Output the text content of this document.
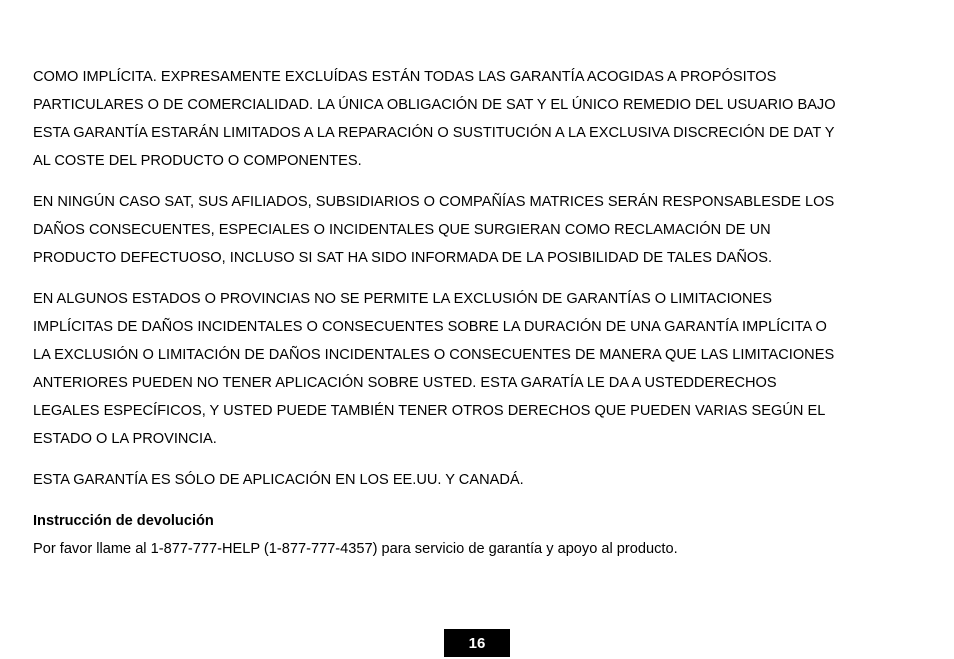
COMO IMPLÍCITA. EXPRESAMENTE EXCLUÍDAS ESTÁN TODAS LAS GARANTÍA ACOGIDAS A PROPÓSITOS
PARTICULARES O DE COMERCIALIDAD. LA ÚNICA OBLIGACIÓN DE SAT Y EL ÚNICO REMEDIO DEL USUARIO BAJO
ESTA GARANTÍA ESTARÁN LIMITADOS A LA REPARACIÓN O SUSTITUCIÓN A LA EXCLUSIVA DISCRECIÓN DE DAT Y
AL COSTE DEL PRODUCTO O COMPONENTES.
EN NINGÚN CASO SAT, SUS AFILIADOS, SUBSIDIARIOS O COMPAÑÍAS MATRICES SERÁN RESPONSABLESDE LOS
DAÑOS CONSECUENTES, ESPECIALES O INCIDENTALES QUE SURGIERAN COMO RECLAMACIÓN DE UN
PRODUCTO DEFECTUOSO, INCLUSO SI SAT HA SIDO INFORMADA DE LA POSIBILIDAD DE TALES DAÑOS.
EN ALGUNOS ESTADOS O PROVINCIAS NO SE PERMITE LA EXCLUSIÓN DE GARANTÍAS O LIMITACIONES
IMPLÍCITAS DE DAÑOS INCIDENTALES O CONSECUENTES SOBRE LA DURACIÓN DE UNA GARANTÍA IMPLÍCITA O
LA EXCLUSIÓN O LIMITACIÓN DE DAÑOS INCIDENTALES O CONSECUENTES DE MANERA QUE LAS LIMITACIONES
ANTERIORES PUEDEN NO TENER APLICACIÓN SOBRE USTED. ESTA GARATÍA LE DA A USTEDDERECHOS
LEGALES ESPECÍFICOS, Y USTED PUEDE TAMBIÉN TENER OTROS DERECHOS QUE PUEDEN VARIAS SEGÚN EL
ESTADO O LA PROVINCIA.
ESTA GARANTÍA ES SÓLO DE APLICACIÓN EN LOS EE.UU. Y CANADÁ.

Instrucción de devolución

Por favor llame al 1-877-777-HELP (1-877-777-4357) para servicio de garantía y apoyo al producto.

16
